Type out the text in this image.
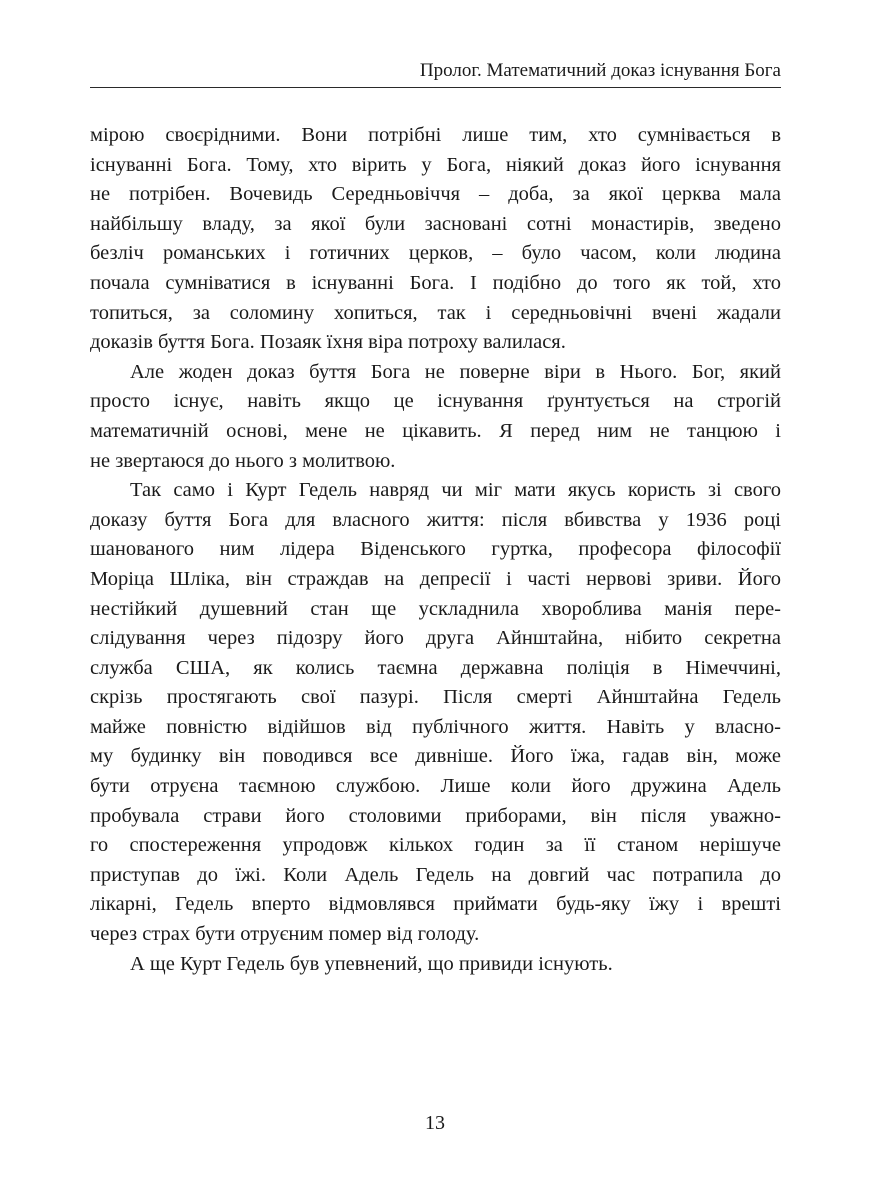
Пролог. Математичний доказ існування Бога
мірою своєрідними. Вони потрібні лише тим, хто сумнівається в
існуванні Бога. Тому, хто вірить у Бога, ніякий доказ його існування
не потрібен. Вочевидь Середньовіччя – доба, за якої церква мала
найбільшу владу, за якої були засновані сотні монастирів, зведено
безліч романських і готичних церков, – було часом, коли людина
почала сумніватися в існуванні Бога. І подібно до того як той, хто
топиться, за соломину хопиться, так і середньовічні вчені жадали
доказів буття Бога. Позаяк їхня віра потроху валилася.
Але жоден доказ буття Бога не поверне віри в Нього. Бог, який
просто існує, навіть якщо це існування ґрунтується на строгій
математичній основі, мене не цікавить. Я перед ним не танцюю і
не звертаюся до нього з молитвою.
Так само і Курт Гедель навряд чи міг мати якусь користь зі свого
доказу буття Бога для власного життя: після вбивства у 1936 році
шанованого ним лідера Віденського гуртка, професора філософії
Моріца Шліка, він страждав на депресії і часті нервові зриви. Його
нестійкий душевний стан ще ускладнила хвороблива манія пере-
слідування через підозру його друга Айнштайна, нібито секретна
служба США, як колись таємна державна поліція в Німеччині,
скрізь простягають свої пазурі. Після смерті Айнштайна Гедель
майже повністю відійшов від публічного життя. Навіть у власно-
му будинку він поводився все дивніше. Його їжа, гадав він, може
бути отруєна таємною службою. Лише коли його дружина Адель
пробувала страви його столовими приборами, він після уважно-
го спостереження упродовж кількох годин за її станом нерішуче
приступав до їжі. Коли Адель Гедель на довгий час потрапила до
лікарні, Гедель вперто відмовлявся приймати будь-яку їжу і врешті
через страх бути отруєним помер від голоду.
А ще Курт Гедель був упевнений, що привиди існують.
13
